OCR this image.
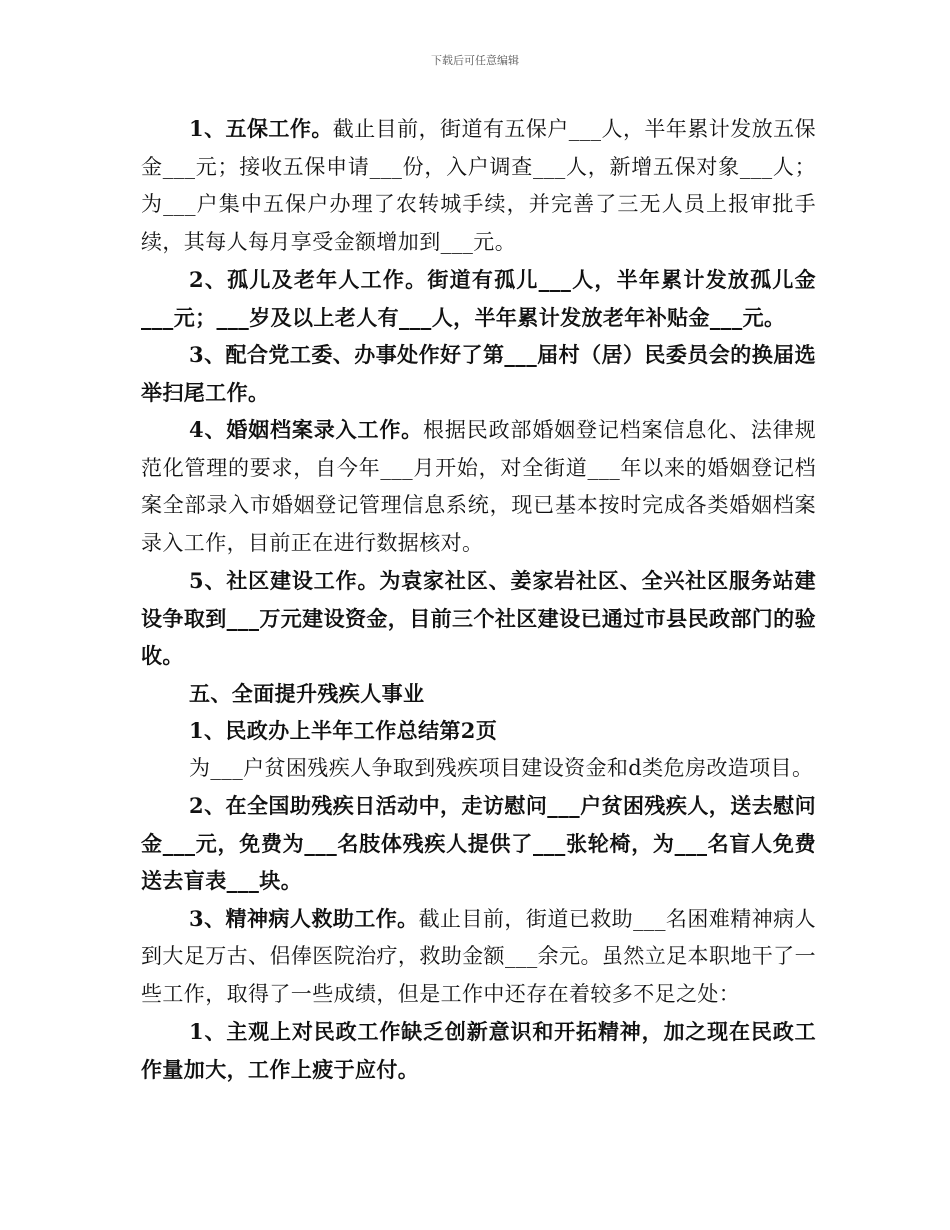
下载后可任意编辑

1、五保工作。截止目前，街道有五保户___人，半年累计发放五保金___元；接收五保申请___份，入户调查___人，新增五保对象___人；为___户集中五保户办理了农转城手续，并完善了三无人员上报审批手续，其每人每月享受金额增加到___元。

2、孤儿及老年人工作。街道有孤儿___人，半年累计发放孤儿金___元；___岁及以上老人有___人，半年累计发放老年补贴金___元。

3、配合党工委、办事处作好了第___届村（居）民委员会的换届选举扫尾工作。

4、婚姻档案录入工作。根据民政部婚姻登记档案信息化、法律规范化管理的要求，自今年___月开始，对全街道___年以来的婚姻登记档案全部录入市婚姻登记管理信息系统，现已基本按时完成各类婚姻档案录入工作，目前正在进行数据核对。

5、社区建设工作。为袁家社区、姜家岩社区、全兴社区服务站建设争取到___万元建设资金，目前三个社区建设已通过市县民政部门的验收。

五、全面提升残疾人事业

1、民政办上半年工作总结第2页

为___户贫困残疾人争取到残疾项目建设资金和d类危房改造项目。

2、在全国助残疾日活动中，走访慰问___户贫困残疾人，送去慰问金___元，免费为___名肢体残疾人提供了___张轮椅，为___名盲人免费送去盲表___块。

3、精神病人救助工作。截止目前，街道已救助___名困难精神病人到大足万古、侣俸医院治疗，救助金额___余元。虽然立足本职地干了一些工作，取得了一些成绩，但是工作中还存在着较多不足之处：

1、主观上对民政工作缺乏创新意识和开拓精神，加之现在民政工作量加大，工作上疲于应付。
